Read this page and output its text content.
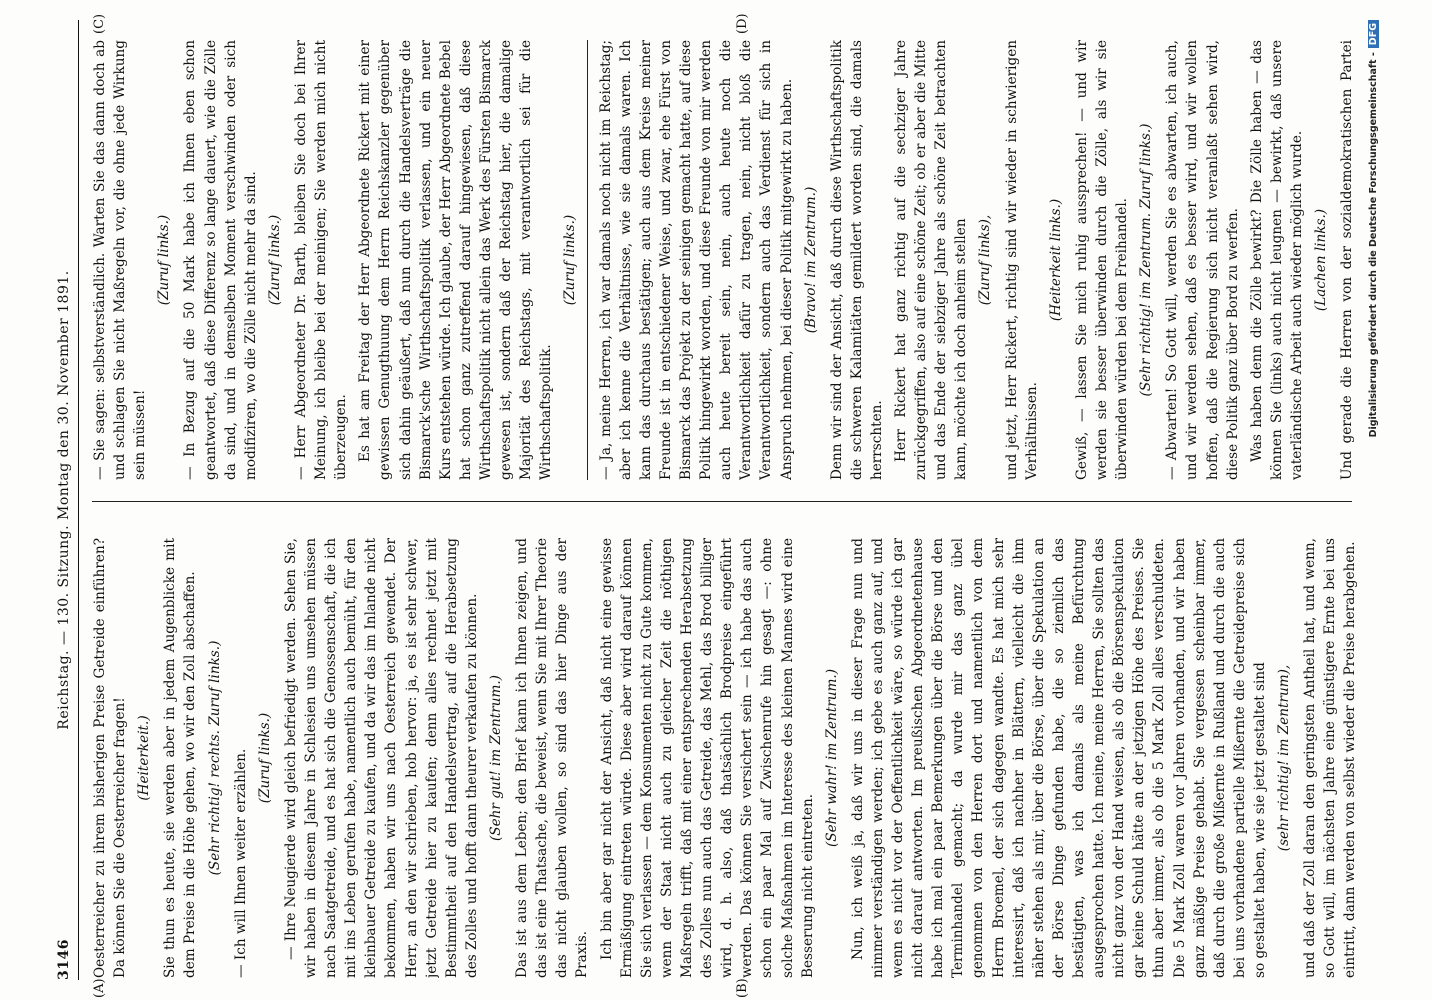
3146
Reichstag. — 130. Sitzung. Montag den 30. November 1891.
(A)	(B)
(C)	(D)

Oesterreicher zu ihrem bisherigen Preise Getreide einführen? Da können Sie die Oesterreicher fragen! (Heiterkeit.) Sie thun es heute, sie werden aber in jedem Augenblicke mit dem Preise in die Höhe gehen, wo wir den Zoll abschaffen. (Sehr richtig! rechts. Zuruf links.) — Ich will Ihnen weiter erzählen. (Zuruf links.) — Ihre Neugierde wird gleich befriedigt werden. Sehen Sie, wir haben in diesem Jahre in Schlesien uns umsehen müssen nach Saatgetreide, und es hat sich die Genossenschaft, die ich mit ins Leben gerufen habe, namentlich auch bemüht, für den kleinbauer Getreide zu kaufen, und da wir das im Inlande nicht bekommen, haben wir uns nach Oesterreich gewendet. Der Herr, an den wir schrieben, hob hervor: ja, es ist sehr schwer, jetzt Getreide hier zu kaufen; denn alles rechnet jetzt mit Bestimmtheit auf den Handelsvertrag, auf die Herabsetzung des Zolles und hofft dann theurer verkaufen zu können. (Sehr gut! im Zentrum.) Das ist aus dem Leben; den Brief kann ich Ihnen zeigen, und das ist eine Thatsache, die beweist, wenn Sie mit Ihrer Theorie das nicht glauben wollen, so sind das hier Dinge aus der Praxis. Ich bin aber gar nicht der Ansicht, daß nicht eine gewisse Ermäßigung eintreten würde. Diese aber wird darauf können Sie sich verlassen — dem Konsumenten nicht zu Gute kommen, wenn der Staat nicht auch zu gleicher Zeit die nöthigen Maßregeln trifft, daß mit einer entsprechenden Herabsetzung des Zolles nun auch das Getreide, das Mehl, das Brod billiger wird, d. h. also, daß thatsächlich Brodpreise eingeführt werden. Das können Sie versichert sein — ich habe das auch schon ein paar Mal auf Zwischenrufe hin gesagt —: ohne solche Maßnahmen im Interesse des kleinen Mannes wird eine Besserung nicht eintreten.

(Sehr wahr! im Zentrum.) Nun, ich weiß ja, daß wir uns in dieser Frage nun und nimmer verständigen werden; ich gebe es auch ganz auf, und wenn es nicht vor der Oeffentlichkeit wäre, so würde ich gar nicht darauf antworten. Im preußischen Abgeordnetenhause habe ich mal ein paar Bemerkungen über die Börse und den Terminhandel gemacht; da wurde mir das ganz übel genommen von den Herren dort und namentlich von dem Herrn Broemel, der sich dagegen wandte. Es hat mich sehr interessirt, daß ich nachher in Blättern, vielleicht die ihm näher stehen als mir, über die Börse, über die Spekulation an der Börse Dinge gefunden habe, die so ziemlich das bestätigten, was ich damals als meine Befürchtung ausgesprochen hatte. Ich meine, meine Herren, Sie sollten das nicht ganz von der Hand weisen, als ob die Börsenspekulation gar keine Schuld hätte an der jetzigen Höhe des Preises. Sie thun aber immer, als ob die 5 Mark Zoll alles verschuldeten. Die 5 Mark Zoll waren vor Jahren vorhanden, und wir haben ganz mäßige Preise gehabt. Sie vergessen scheinbar immer, daß durch die große Mißernte in Rußland und durch die auch bei uns vorhandene partielle Mißernte die Getreidepreise sich so gestaltet haben, wie sie jetzt gestaltet sind (sehr richtig! im Zentrum), und daß der Zoll daran den geringsten Antheil hat, und wenn, so Gott will, im nächsten Jahre eine günstigere Ernte bei uns eintritt, dann werden von selbst wieder die Preise herabgehen.

— Sie sagen: selbstverständlich. Warten Sie das dann doch ab und schlagen Sie nicht Maßregeln vor, die ohne jede Wirkung sein müssen!

(Zuruf links.) — In Bezug auf die 50 Mark habe ich Ihnen eben schon geantwortet, daß diese Differenz so lange dauert, wie die Zölle da sind, und in demselben Moment verschwinden oder sich modifiziren, wo die Zölle nicht mehr da sind. (Zuruf links.) — Herr Abgeordneter Dr. Barth, bleiben Sie doch bei Ihrer Meinung, ich bleibe bei der meinigen; Sie werden mich nicht überzeugen. Es hat am Freitag der Herr Abgeordnete Rickert mit einer gewissen Genugthuung dem Herrn Reichskanzler gegenüber sich dahin geäußert, daß nun durch die Handelsverträge die Bismarck'sche Wirthschaftspolitik verlassen, und ein neuer Kurs entstehen würde. Ich glaube, der Herr Abgeordnete Bebel hat schon ganz zutreffend darauf hingewiesen, daß diese Wirthschaftspolitik nicht allein das Werk des Fürsten Bismarck gewesen ist, sondern daß der Reichstag hier, die damalige Majorität des Reichstags, mit verantwortlich sei für die Wirthschaftspolitik.

(Zuruf links.) — Ja, meine Herren, ich war damals noch nicht im Reichstag; aber ich kenne die Verhältnisse, wie sie damals waren. Ich kann das durchaus bestätigen; auch aus dem Kreise meiner Freunde ist in entschiedener Weise, und zwar, ehe Fürst von Bismarck das Projekt zu der seinigen gemacht hatte, auf diese Politik hingewirkt worden, und diese Freunde von mir werden auch heute bereit sein, nein, auch heute noch die Verantwortlichkeit dafür zu tragen, nein, nicht bloß die Verantwortlichkeit, sondern auch das Verdienst für sich in Anspruch nehmen, bei dieser Politik mitgewirkt zu haben. (Bravo! im Zentrum.) Denn wir sind der Ansicht, daß durch diese Wirthschaftspolitik die schweren Kalamitäten gemildert worden sind, die damals herrschten. Herr Rickert hat ganz richtig auf die sechziger Jahre zurückgegriffen, also auf eine schöne Zeit; ob er aber die Mitte und das Ende der siebziger Jahre als schöne Zeit betrachten kann, möchte ich doch anheim stellen (Zuruf links), und jetzt, Herr Rickert, richtig sind wir wieder in schwierigen Verhältnissen.

(Heiterkeit links.) Gewiß, — lassen Sie mich ruhig aussprechen! — und wir werden sie besser überwinden durch die Zölle, als wir sie überwinden würden bei dem Freihandel. (Sehr richtig! im Zentrum. Zuruf links.) — Abwarten! So Gott will, werden Sie es abwarten, ich auch, und wir werden sehen, daß es besser wird, und wir wollen hoffen, daß die Regierung sich nicht veranlaßt sehen wird, diese Politik ganz über Bord zu werfen. Was haben denn die Zölle bewirkt? Die Zölle haben — das können Sie (links) auch nicht leugnen — bewirkt, daß unsere vaterländische Arbeit auch wieder möglich wurde. (Lachen links.)

Und gerade die Herren von der sozialdemokratischen Partei	Digitalisierung gefördert durch die Deutsche Forschungsgemeinschaft -DFG
